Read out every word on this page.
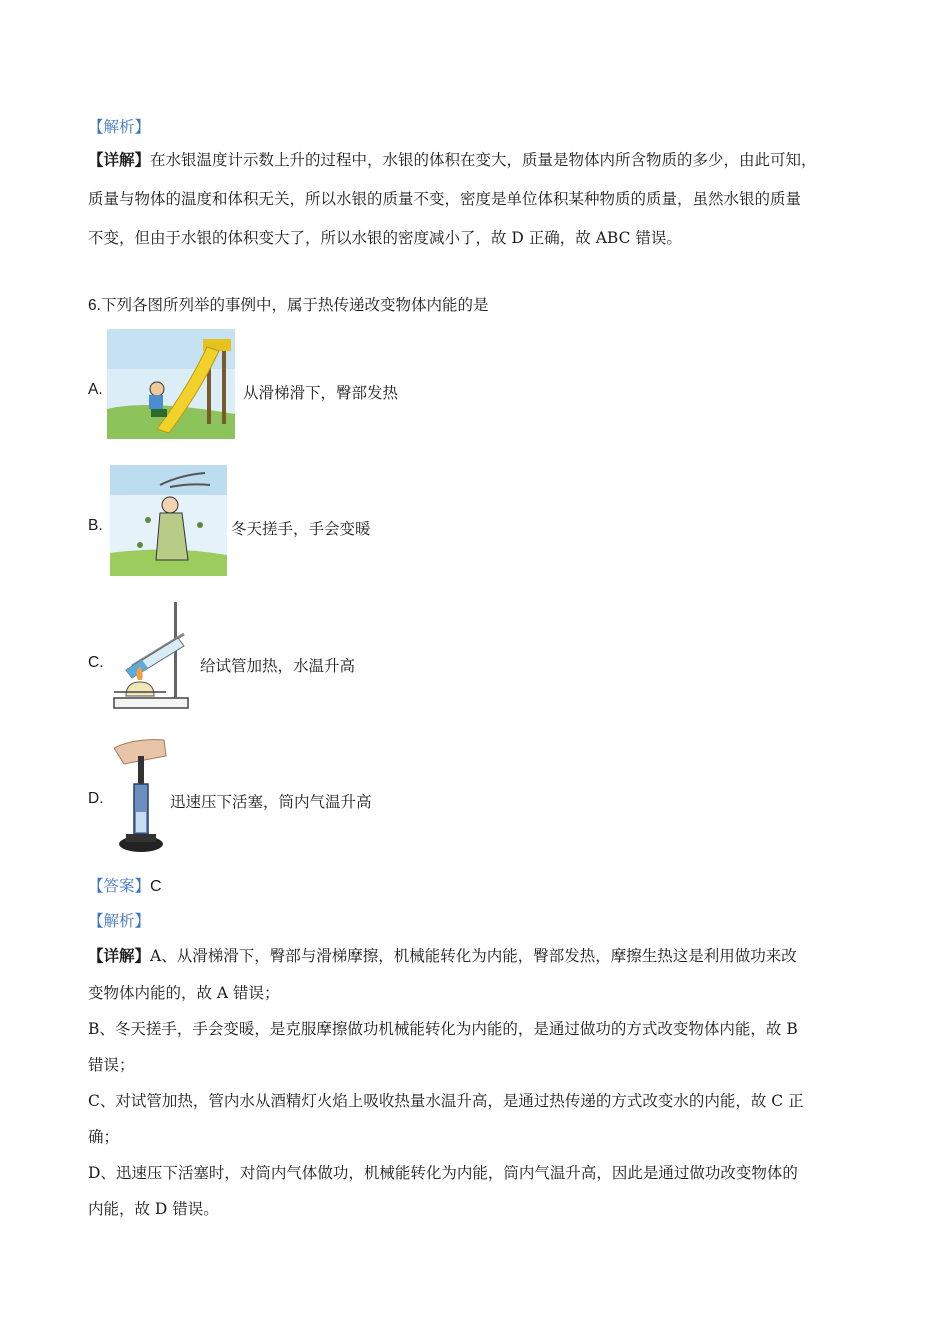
【解析】
【详解】在水银温度计示数上升的过程中，水银的体积在变大，质量是物体内所含物质的多少，由此可知，
质量与物体的温度和体积无关，所以水银的质量不变，密度是单位体积某种物质的质量，虽然水银的质量
不变，但由于水银的体积变大了，所以水银的密度减小了，故 D 正确，故 ABC 错误。
6.下列各图所列举的事例中，属于热传递改变物体内能的是
A.	从滑梯滑下，臀部发热
B.	冬天搓手，手会变暖
C.	给试管加热，水温升高
D.	迅速压下活塞，筒内气温升高
【答案】C
【解析】
【详解】A、从滑梯滑下，臀部与滑梯摩擦，机械能转化为内能，臀部发热，摩擦生热这是利用做功来改
变物体内能的，故 A 错误；
B、冬天搓手，手会变暖，是克服摩擦做功机械能转化为内能的，是通过做功的方式改变物体内能，故 B
错误；
C、对试管加热，管内水从酒精灯火焰上吸收热量水温升高，是通过热传递的方式改变水的内能，故 C 正
确；
D、迅速压下活塞时，对筒内气体做功，机械能转化为内能，筒内气温升高，因此是通过做功改变物体的
内能，故 D 错误。
